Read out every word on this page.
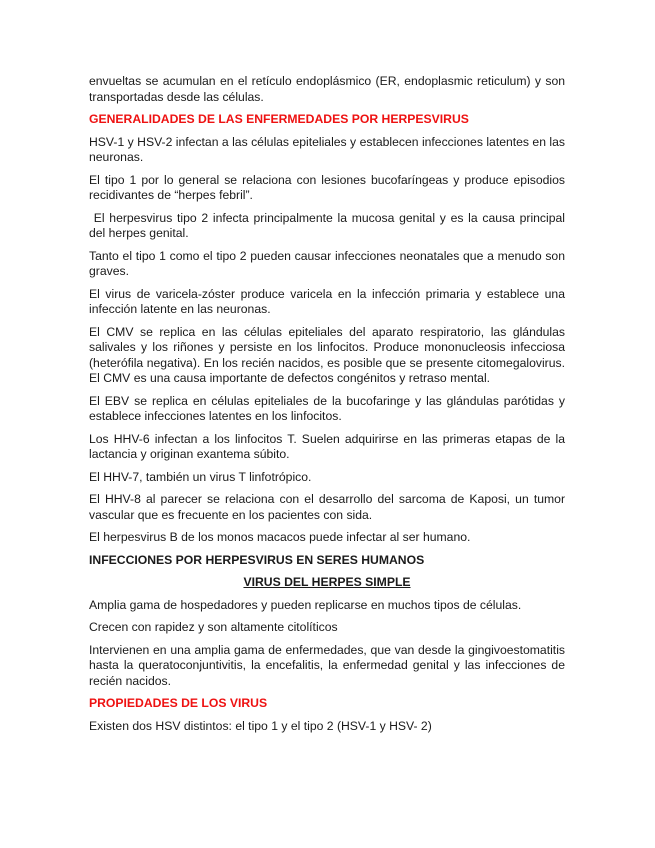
envueltas se acumulan en el retículo endoplásmico (ER, endoplasmic reticulum) y son transportadas desde las células.

GENERALIDADES DE LAS ENFERMEDADES POR HERPESVIRUS

HSV-1 y HSV-2 infectan a las células epiteliales y establecen infecciones latentes en las neuronas.

El tipo 1 por lo general se relaciona con lesiones bucofaríngeas y produce episodios recidivantes de “herpes febril”.

El herpesvirus tipo 2 infecta principalmente la mucosa genital y es la causa principal del herpes genital.

Tanto el tipo 1 como el tipo 2 pueden causar infecciones neonatales que a menudo son graves.

El virus de varicela-zóster produce varicela en la infección primaria y establece una infección latente en las neuronas.

El CMV se replica en las células epiteliales del aparato respiratorio, las glándulas salivales y los riñones y persiste en los linfocitos. Produce mononucleosis infecciosa (heterófila negativa). En los recién nacidos, es posible que se presente citomegalovirus. El CMV es una causa importante de defectos congénitos y retraso mental.

El EBV se replica en células epiteliales de la bucofaringe y las glándulas parótidas y establece infecciones latentes en los linfocitos.

Los HHV-6 infectan a los linfocitos T. Suelen adquirirse en las primeras etapas de la lactancia y originan exantema súbito.

El HHV-7, también un virus T linfotrópico.

El HHV-8 al parecer se relaciona con el desarrollo del sarcoma de Kaposi, un tumor vascular que es frecuente en los pacientes con sida.

El herpesvirus B de los monos macacos puede infectar al ser humano.

INFECCIONES POR HERPESVIRUS EN SERES HUMANOS
VIRUS DEL HERPES SIMPLE

Amplia gama de hospedadores y pueden replicarse en muchos tipos de células.

Crecen con rapidez y son altamente citolíticos

Intervienen en una amplia gama de enfermedades, que van desde la gingivoestomatitis hasta la queratoconjuntivitis, la encefalitis, la enfermedad genital y las infecciones de recién nacidos.

PROPIEDADES DE LOS VIRUS

Existen dos HSV distintos: el tipo 1 y el tipo 2 (HSV-1 y HSV- 2)
